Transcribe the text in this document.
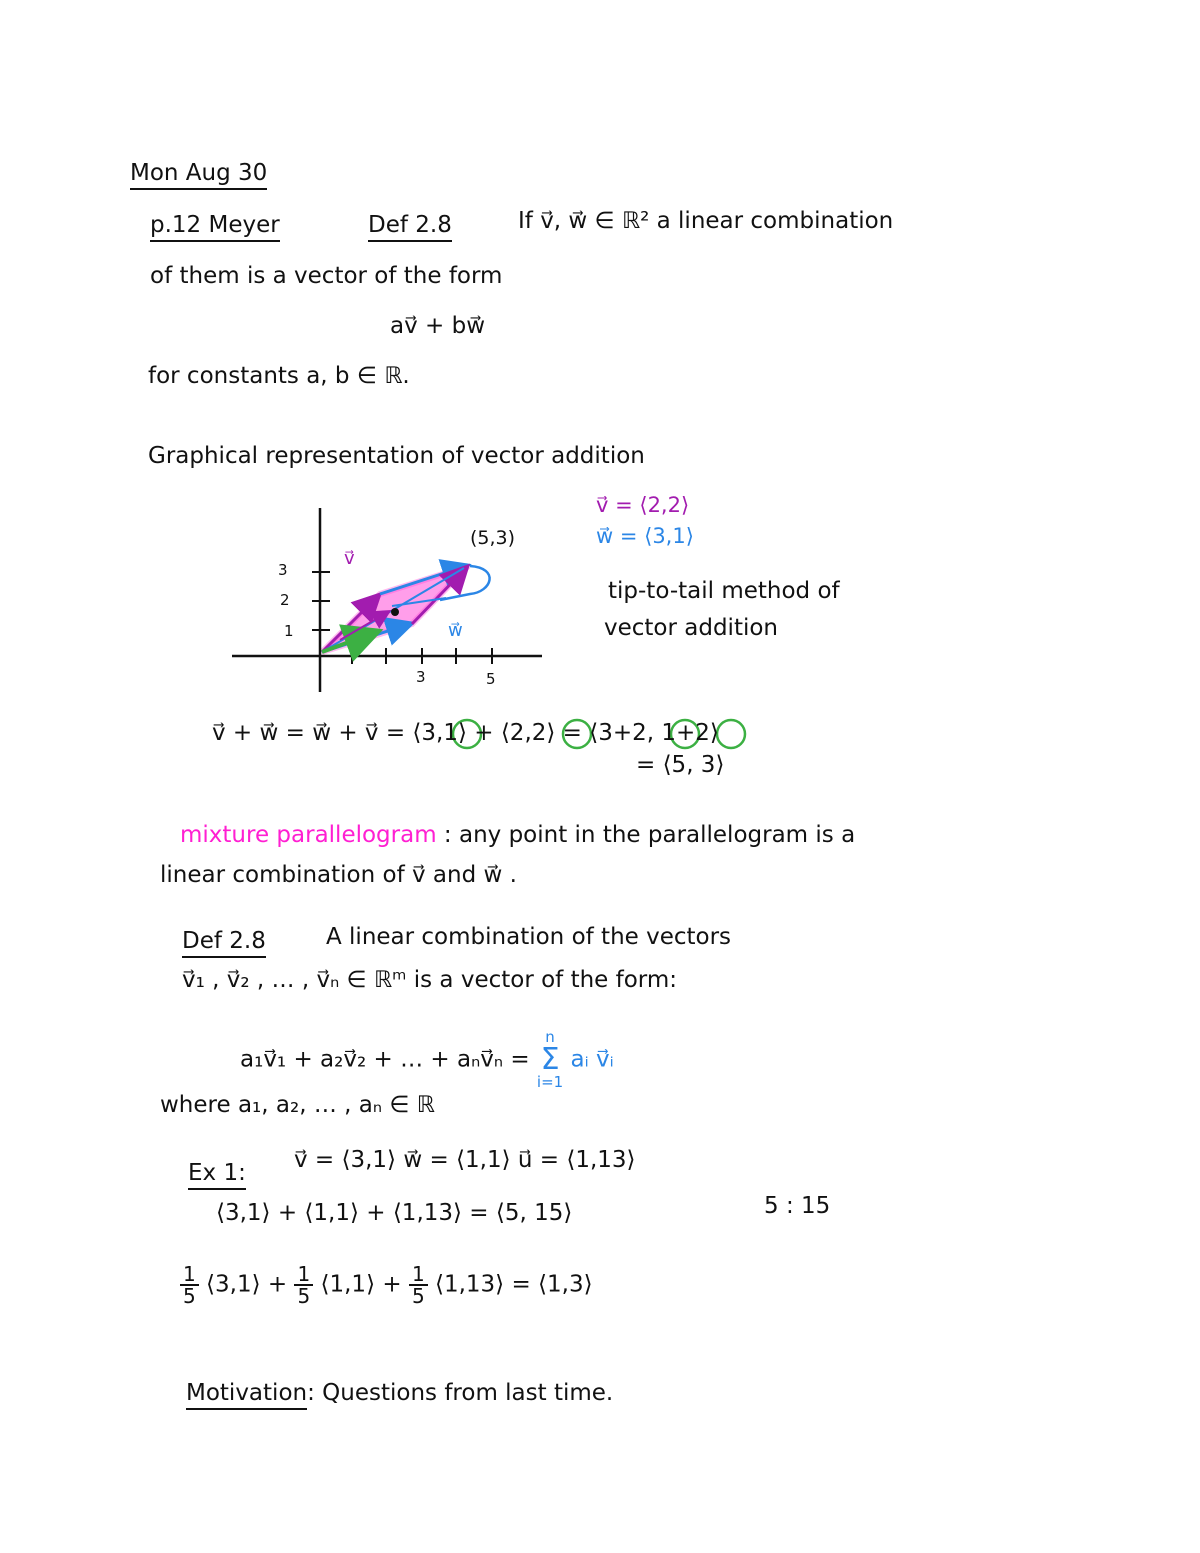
Mon Aug 30
p.12 Meyer	Def 2.8	If v⃗, w⃗ ∈ ℝ² a linear combination
of them is a vector of the form
av⃗ + bw⃗
for constants a, b ∈ ℝ.
Graphical representation of vector addition
v⃗ = ⟨2,2⟩
w⃗ = ⟨3,1⟩
(5,3)
v⃗
w⃗
3
2
1
3	5
tip-to-tail method of
vector addition
v⃗ + w⃗ = w⃗ + v⃗ = ⟨3,1⟩ + ⟨2,2⟩ = ⟨3+2, 1+2⟩
= ⟨5, 3⟩
mixture parallelogram : any point in the parallelogram is a
linear combination of v⃗ and w⃗ .
Def 2.8	A linear combination of the vectors
v⃗₁ , v⃗₂ , … , v⃗ₙ ∈ ℝᵐ is a vector of the form:
a₁v⃗₁ + a₂v⃗₂ + … + aₙv⃗ₙ =
n
Σ
i=1
aᵢ v⃗ᵢ
where a₁, a₂, … , aₙ ∈ ℝ
Ex 1: v⃗ = ⟨3,1⟩ w⃗ = ⟨1,1⟩ u⃗ = ⟨1,13⟩
⟨3,1⟩ + ⟨1,1⟩ + ⟨1,13⟩ = ⟨5, 15⟩	5 : 15
$\frac{1}{5}$ ⟨3,1⟩ + $\frac{1}{5}$ ⟨1,1⟩ + $\frac{1}{5}$ ⟨1,13⟩ = ⟨1,3⟩
Motivation: Questions from last time.
